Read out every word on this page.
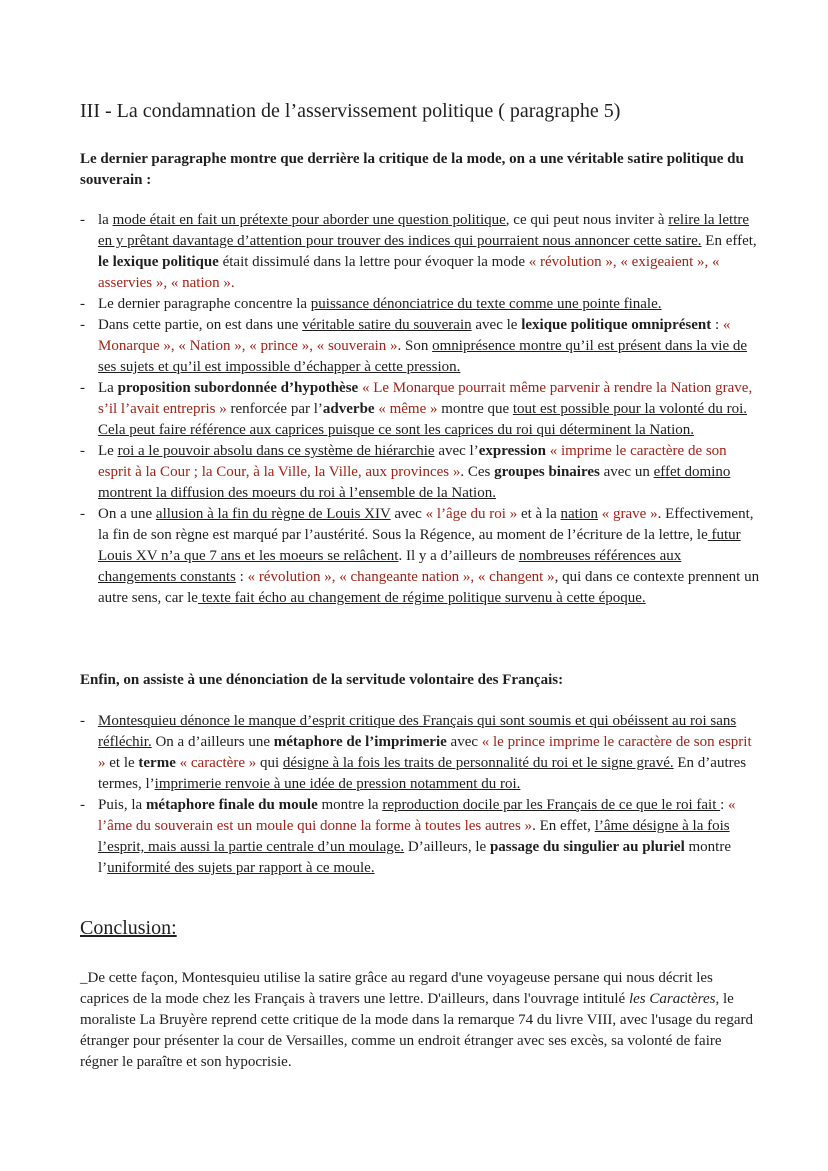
III - La condamnation de l’asservissement politique ( paragraphe 5)

Le dernier paragraphe montre que derrière la critique de la mode, on a une véritable satire politique du souverain :

- la mode était en fait un prétexte pour aborder une question politique, ce qui peut nous inviter à relire la lettre en y prêtant davantage d’attention pour trouver des indices qui pourraient nous annoncer cette satire. En effet, le lexique politique était dissimulé dans la lettre pour évoquer la mode « révolution », « exigeaient », « asservies », « nation ».
- Le dernier paragraphe concentre la puissance dénonciatrice du texte comme une pointe finale.
- Dans cette partie, on est dans une véritable satire du souverain avec le lexique politique omniprésent : « Monarque », « Nation », « prince », « souverain ». Son omniprésence montre qu’il est présent dans la vie de ses sujets et qu’il est impossible d’échapper à cette pression.
- La proposition subordonnée d’hypothèse « Le Monarque pourrait même parvenir à rendre la Nation grave, s’il l’avait entrepris » renforcée par l’adverbe « même » montre que tout est possible pour la volonté du roi. Cela peut faire référence aux caprices puisque ce sont les caprices du roi qui déterminent la Nation.
- Le roi a le pouvoir absolu dans ce système de hiérarchie avec l’expression « imprime le caractère de son esprit à la Cour ; la Cour, à la Ville, la Ville, aux provinces ». Ces groupes binaires avec un effet domino montrent la diffusion des moeurs du roi à l’ensemble de la Nation.
- On a une allusion à la fin du règne de Louis XIV avec « l’âge du roi » et à la nation « grave ». Effectivement, la fin de son règne est marqué par l’austérité. Sous la Régence, au moment de l’écriture de la lettre, le futur Louis XV n’a que 7 ans et les moeurs se relâchent. Il y a d’ailleurs de nombreuses références aux changements constants : « révolution », « changeante nation », « changent », qui dans ce contexte prennent un autre sens, car le texte fait écho au changement de régime politique survenu à cette époque.

Enfin, on assiste à une dénonciation de la servitude volontaire des Français:

- Montesquieu dénonce le manque d’esprit critique des Français qui sont soumis et qui obéissent au roi sans réfléchir. On a d’ailleurs une métaphore de l’imprimerie avec « le prince imprime le caractère de son esprit » et le terme « caractère » qui désigne à la fois les traits de personnalité du roi et le signe gravé. En d’autres termes, l’imprimerie renvoie à une idée de pression notamment du roi.
- Puis, la métaphore finale du moule montre la reproduction docile par les Français de ce que le roi fait : « l’âme du souverain est un moule qui donne la forme à toutes les autres ». En effet, l’âme désigne à la fois l’esprit, mais aussi la partie centrale d’un moulage. D’ailleurs, le passage du singulier au pluriel montre l’uniformité des sujets par rapport à ce moule.
Conclusion:

_De cette façon, Montesquieu utilise la satire grâce au regard d'une voyageuse persane qui nous décrit les caprices de la mode chez les Français à travers une lettre. D'ailleurs, dans l'ouvrage intitulé les Caractères, le moraliste La Bruyère reprend cette critique de la mode dans la remarque 74 du livre VIII, avec l'usage du regard étranger pour présenter la cour de Versailles, comme un endroit étranger avec ses excès, sa volonté de faire régner le paraître et son hypocrisie.
